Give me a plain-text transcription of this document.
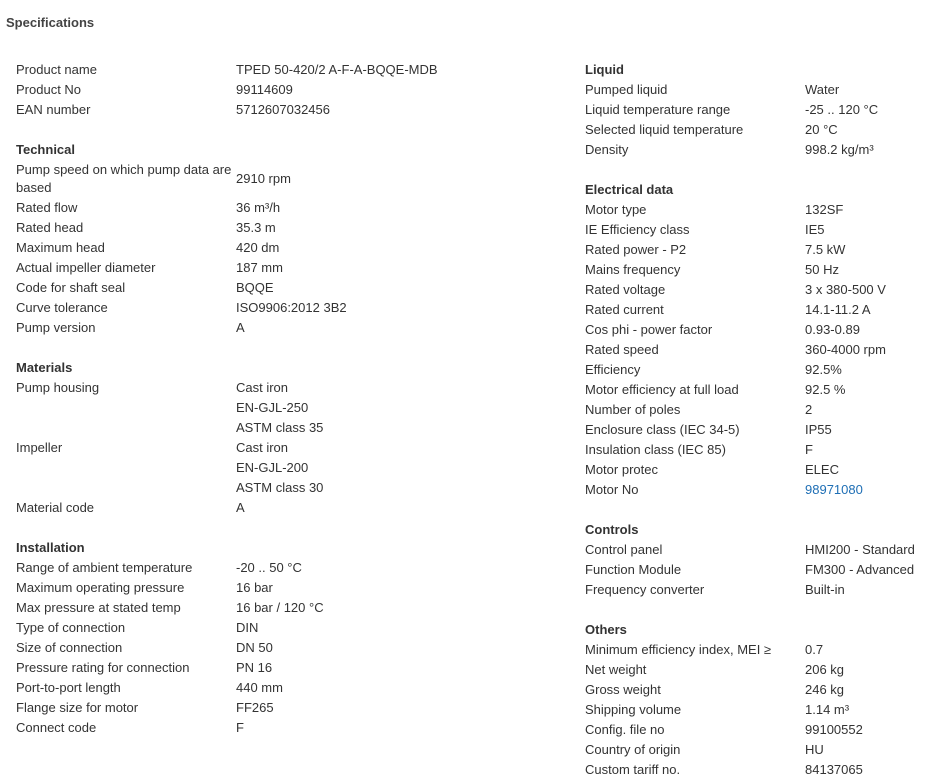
Specifications
Product name	TPED 50-420/2 A-F-A-BQQE-MDB
Product No	99114609
EAN number	5712607032456
Technical
Pump speed on which pump data are based
2910 rpm
Rated flow	36 m³/h
Rated head	35.3 m
Maximum head	420 dm
Actual impeller diameter	187 mm
Code for shaft seal	BQQE
Curve tolerance	ISO9906:2012 3B2
Pump version	A
Materials
Pump housing	Cast iron
EN-GJL-250
ASTM class 35
Impeller	Cast iron
EN-GJL-200
ASTM class 30
Material code	A
Installation
Range of ambient temperature	-20 .. 50 °C
Maximum operating pressure	16 bar
Max pressure at stated temp	16 bar / 120 °C
Type of connection	DIN
Size of connection	DN 50
Pressure rating for connection	PN 16
Port-to-port length	440 mm
Flange size for motor	FF265
Connect code	F
Liquid
Pumped liquid	Water
Liquid temperature range	-25 .. 120 °C
Selected liquid temperature	20 °C
Density	998.2 kg/m³
Electrical data
Motor type	132SF
IE Efficiency class	IE5
Rated power - P2	7.5 kW
Mains frequency	50 Hz
Rated voltage	3 x 380-500 V
Rated current	14.1-11.2 A
Cos phi - power factor	0.93-0.89
Rated speed	360-4000 rpm
Efficiency	92.5%
Motor efficiency at full load	92.5 %
Number of poles	2
Enclosure class (IEC 34-5)	IP55
Insulation class (IEC 85)	F
Motor protec	ELEC
Motor No	98971080
Controls
Control panel	HMI200 - Standard
Function Module	FM300 - Advanced
Frequency converter	Built-in
Others
Minimum efficiency index, MEI ≥	0.7
Net weight	206 kg
Gross weight	246 kg
Shipping volume	1.14 m³
Config. file no	99100552
Country of origin	HU
Custom tariff no.	84137065
